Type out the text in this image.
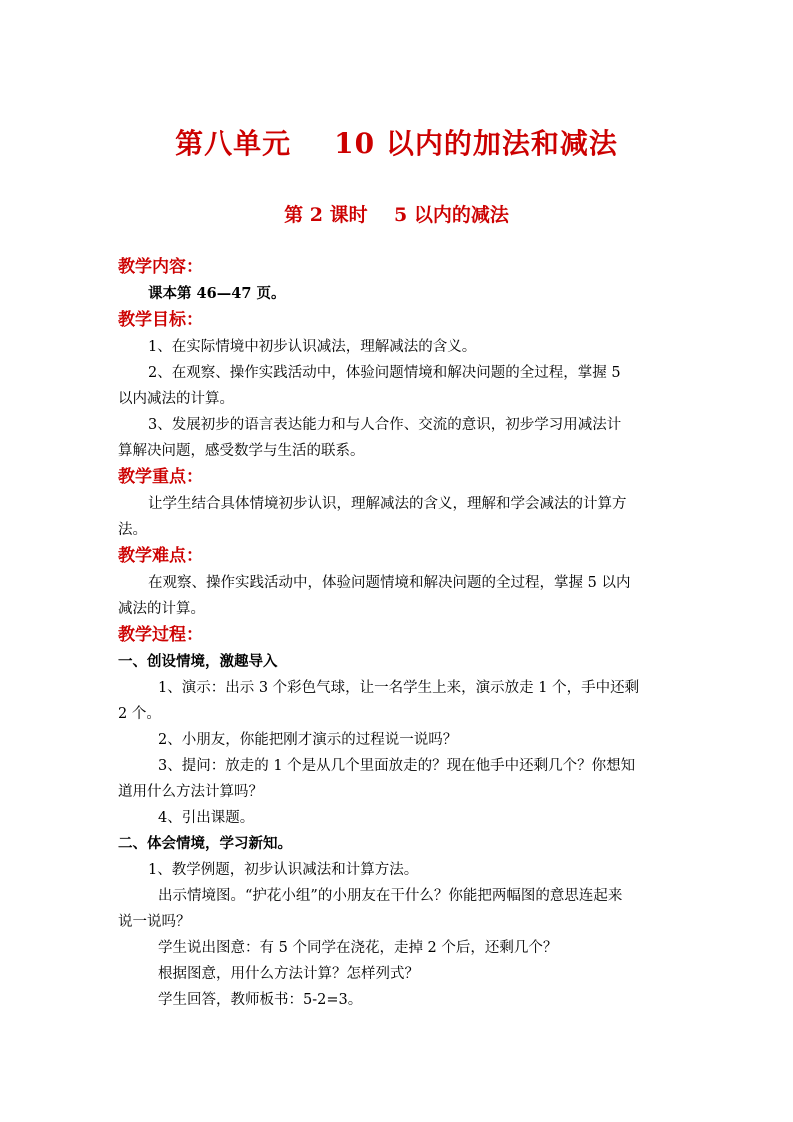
第八单元    10 以内的加法和减法
第 2 课时    5 以内的减法
教学内容：
课本第 46—47 页。
教学目标：
1、在实际情境中初步认识减法，理解减法的含义。
2、在观察、操作实践活动中，体验问题情境和解决问题的全过程，掌握 5
以内减法的计算。
3、发展初步的语言表达能力和与人合作、交流的意识，初步学习用减法计
算解决问题，感受数学与生活的联系。
教学重点：
让学生结合具体情境初步认识，理解减法的含义，理解和学会减法的计算方
法。
教学难点：
在观察、操作实践活动中，体验问题情境和解决问题的全过程，掌握 5 以内
减法的计算。
教学过程：
一、创设情境，激趣导入
1、演示：出示 3 个彩色气球，让一名学生上来，演示放走 1 个，手中还剩
2 个。
2、小朋友，你能把刚才演示的过程说一说吗？
3、提问：放走的 1 个是从几个里面放走的？现在他手中还剩几个？你想知
道用什么方法计算吗？
4、引出课题。
二、体会情境，学习新知。
1、教学例题，初步认识减法和计算方法。
出示情境图。“护花小组”的小朋友在干什么？你能把两幅图的意思连起来
说一说吗？
学生说出图意：有 5 个同学在浇花，走掉 2 个后，还剩几个？
根据图意，用什么方法计算？怎样列式？
学生回答，教师板书：5-2=3。
